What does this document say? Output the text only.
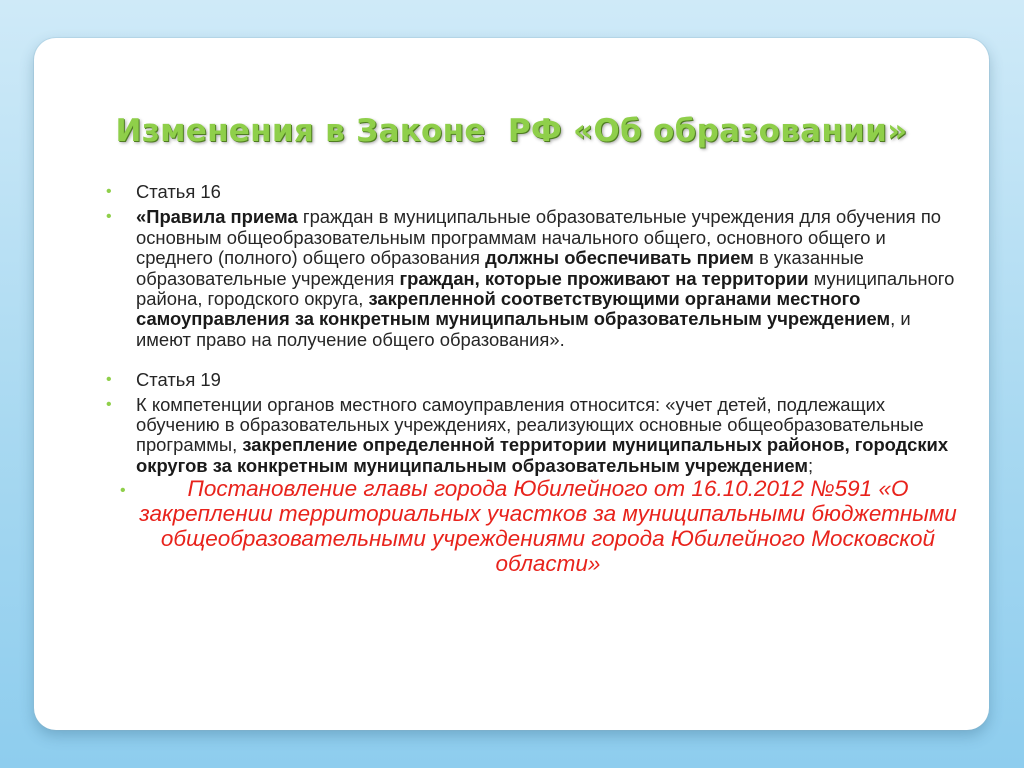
Изменения в Законе  РФ «Об образовании»

• Статья 16

• «Правила приема граждан в муниципальные образовательные учреждения для обучения по основным общеобразовательным программам начального общего, основного общего и среднего (полного) общего образования должны обеспечивать прием в указанные образовательные учреждения граждан, которые проживают на территории муниципального района, городского округа, закрепленной соответствующими органами местного самоуправления за конкретным муниципальным образовательным учреждением, и имеют право на получение общего образования».

• Статья 19

• К компетенции органов местного самоуправления относится: «учет детей, подлежащих обучению в образовательных учреждениях, реализующих основные общеобразовательные программы, закрепление определенной территории муниципальных районов, городских округов за конкретным муниципальным образовательным учреждением;

•	Постановление главы города Юбилейного от 16.10.2012 №591 «О закреплении территориальных участков за муниципальными бюджетными общеобразовательными учреждениями города Юбилейного Московской области»
